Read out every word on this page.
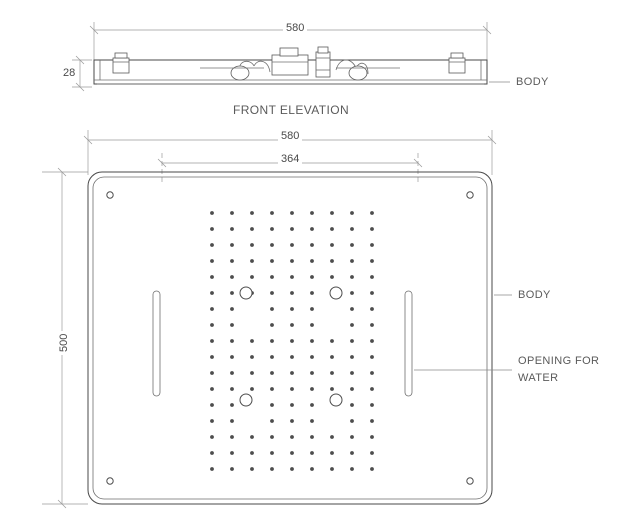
580
28
BODY
FRONT ELEVATION
580
364
500
BODY
OPENING FOR
WATER
